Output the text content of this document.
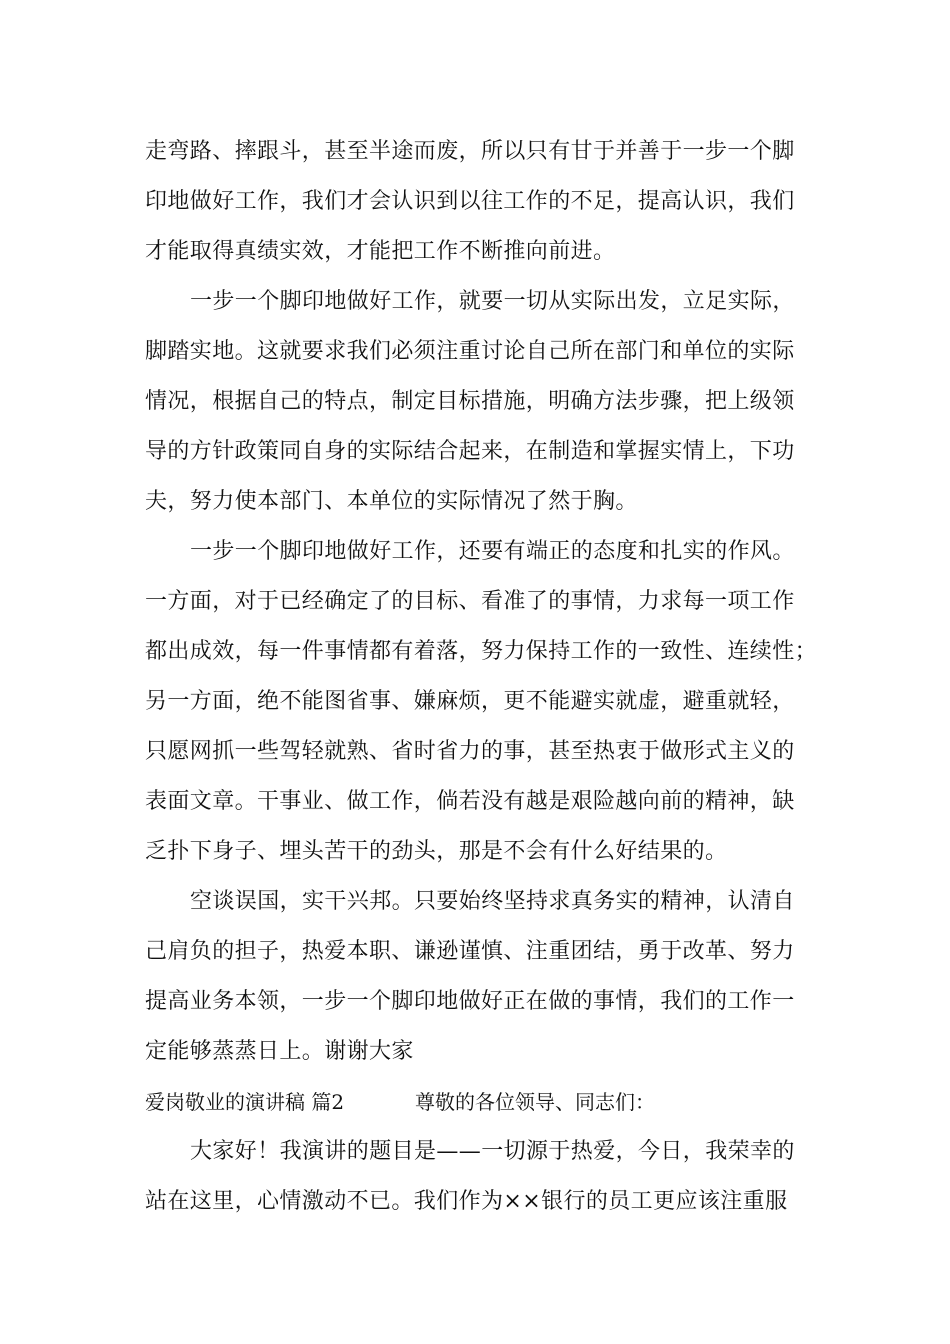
走弯路、摔跟斗，甚至半途而废，所以只有甘于并善于一步一个脚
印地做好工作，我们才会认识到以往工作的不足，提高认识，我们
才能取得真绩实效，才能把工作不断推向前进。
一步一个脚印地做好工作，就要一切从实际出发，立足实际，
脚踏实地。这就要求我们必须注重讨论自己所在部门和单位的实际
情况，根据自己的特点，制定目标措施，明确方法步骤，把上级领
导的方针政策同自身的实际结合起来，在制造和掌握实情上，下功
夫，努力使本部门、本单位的实际情况了然于胸。
一步一个脚印地做好工作，还要有端正的态度和扎实的作风。
一方面，对于已经确定了的目标、看准了的事情，力求每一项工作
都出成效，每一件事情都有着落，努力保持工作的一致性、连续性；
另一方面，绝不能图省事、嫌麻烦，更不能避实就虚，避重就轻，
只愿网抓一些驾轻就熟、省时省力的事，甚至热衷于做形式主义的
表面文章。干事业、做工作，倘若没有越是艰险越向前的精神，缺
乏扑下身子、埋头苦干的劲头，那是不会有什么好结果的。
空谈误国，实干兴邦。只要始终坚持求真务实的精神，认清自
己肩负的担子，热爱本职、谦逊谨慎、注重团结，勇于改革、努力
提高业务本领，一步一个脚印地做好正在做的事情，我们的工作一
定能够蒸蒸日上。谢谢大家
爱岗敬业的演讲稿 篇2	尊敬的各位领导、同志们：
大家好！我演讲的题目是——一切源于热爱，今日，我荣幸的
站在这里，心情激动不已。我们作为××银行的员工更应该注重服
